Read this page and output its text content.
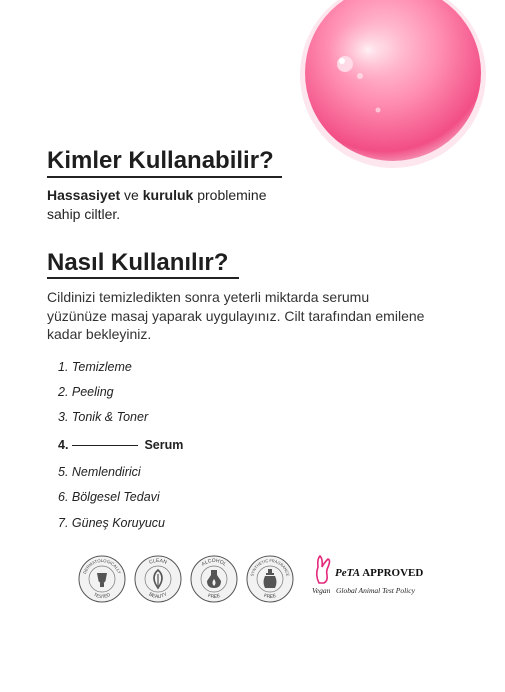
Kimler Kullanabilir?

Hassasiyet ve kuruluk problemine
sahip ciltler.

Nasıl Kullanılır?

Cildinizi temizledikten sonra yeterli miktarda serumu
yüzünüze masaj yaparak uygulayınız. Cilt tarafından emilene
kadar bekleyiniz.

1. Temizleme
2. Peeling
3. Tonik & Toner
4.	Serum
5. Nemlendirici
6. Bölgesel Tedavi
7. Güneş Koruyucu
DERMATOLOGICALLY
TESTED
CLEAN
BEAUTY
ALCOHOL
FREE
SYNTHETIC FRAGRANCE
FREE
PeTA APPROVED
Vegan   Global Animal Test Policy
